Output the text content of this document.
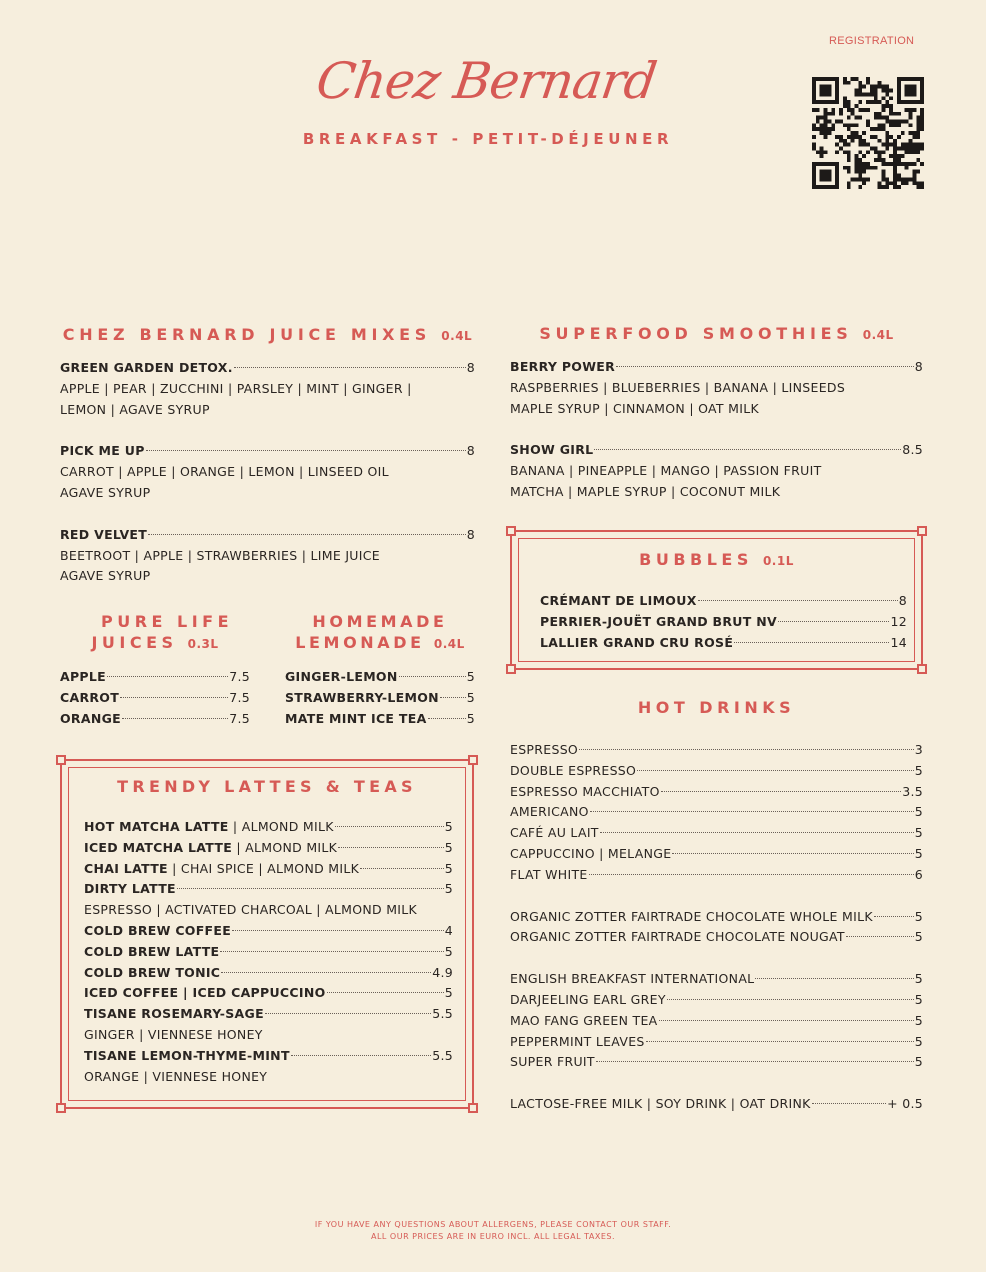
REGISTRATION
Chez Bernard
BREAKFAST - PETIT-DÉJEUNER
CHEZ BERNARD JUICE MIXES 0.4L
GREEN GARDEN DETOX.	8
APPLE | PEAR | ZUCCHINI | PARSLEY | MINT | GINGER |
LEMON | AGAVE SYRUP
PICK ME UP	8
CARROT | APPLE | ORANGE | LEMON | LINSEED OIL
AGAVE SYRUP
RED VELVET	8
BEETROOT | APPLE | STRAWBERRIES | LIME JUICE
AGAVE SYRUP
PURE LIFE
JUICES 0.3L
APPLE	7.5
CARROT	7.5
ORANGE	7.5
HOMEMADE
LEMONADE 0.4L
GINGER-LEMON	5
STRAWBERRY-LEMON 5
MATE MINT ICE TEA	5
TRENDY LATTES & TEAS
HOT MATCHA LATTE | ALMOND MILK	5
ICED MATCHA LATTE | ALMOND MILK	5
CHAI LATTE | CHAI SPICE | ALMOND MILK	5
DIRTY LATTE	5
ESPRESSO | ACTIVATED CHARCOAL | ALMOND MILK
COLD BREW COFFEE	4
COLD BREW LATTE	5
COLD BREW TONIC	4.9
ICED COFFEE | ICED CAPPUCCINO	5
TISANE ROSEMARY-SAGE	5.5
GINGER | VIENNESE HONEY
TISANE LEMON-THYME-MINT	5.5
ORANGE | VIENNESE HONEY
SUPERFOOD SMOOTHIES 0.4L
BERRY POWER	8
RASPBERRIES | BLUEBERRIES | BANANA | LINSEEDS
MAPLE SYRUP | CINNAMON | OAT MILK
SHOW GIRL	8.5
BANANA | PINEAPPLE | MANGO | PASSION FRUIT
MATCHA | MAPLE SYRUP | COCONUT MILK
BUBBLES 0.1L
CRÉMANT DE LIMOUX	8
PERRIER-JOUËT GRAND BRUT NV	12
LALLIER GRAND CRU ROSÉ	14
HOT DRINKS
ESPRESSO	3
DOUBLE ESPRESSO	5
ESPRESSO MACCHIATO	3.5
AMERICANO	5
CAFÉ AU LAIT	5
CAPPUCCINO | MELANGE	5
FLAT WHITE	6
ORGANIC ZOTTER FAIRTRADE CHOCOLATE WHOLE MILK	5
ORGANIC ZOTTER FAIRTRADE CHOCOLATE NOUGAT	5
ENGLISH BREAKFAST INTERNATIONAL	5
DARJEELING EARL GREY	5
MAO FANG GREEN TEA	5
PEPPERMINT LEAVES	5
SUPER FRUIT	5
LACTOSE-FREE MILK | SOY DRINK | OAT DRINK	+ 0.5
IF YOU HAVE ANY QUESTIONS ABOUT ALLERGENS, PLEASE CONTACT OUR STAFF.
ALL OUR PRICES ARE IN EURO INCL. ALL LEGAL TAXES.
